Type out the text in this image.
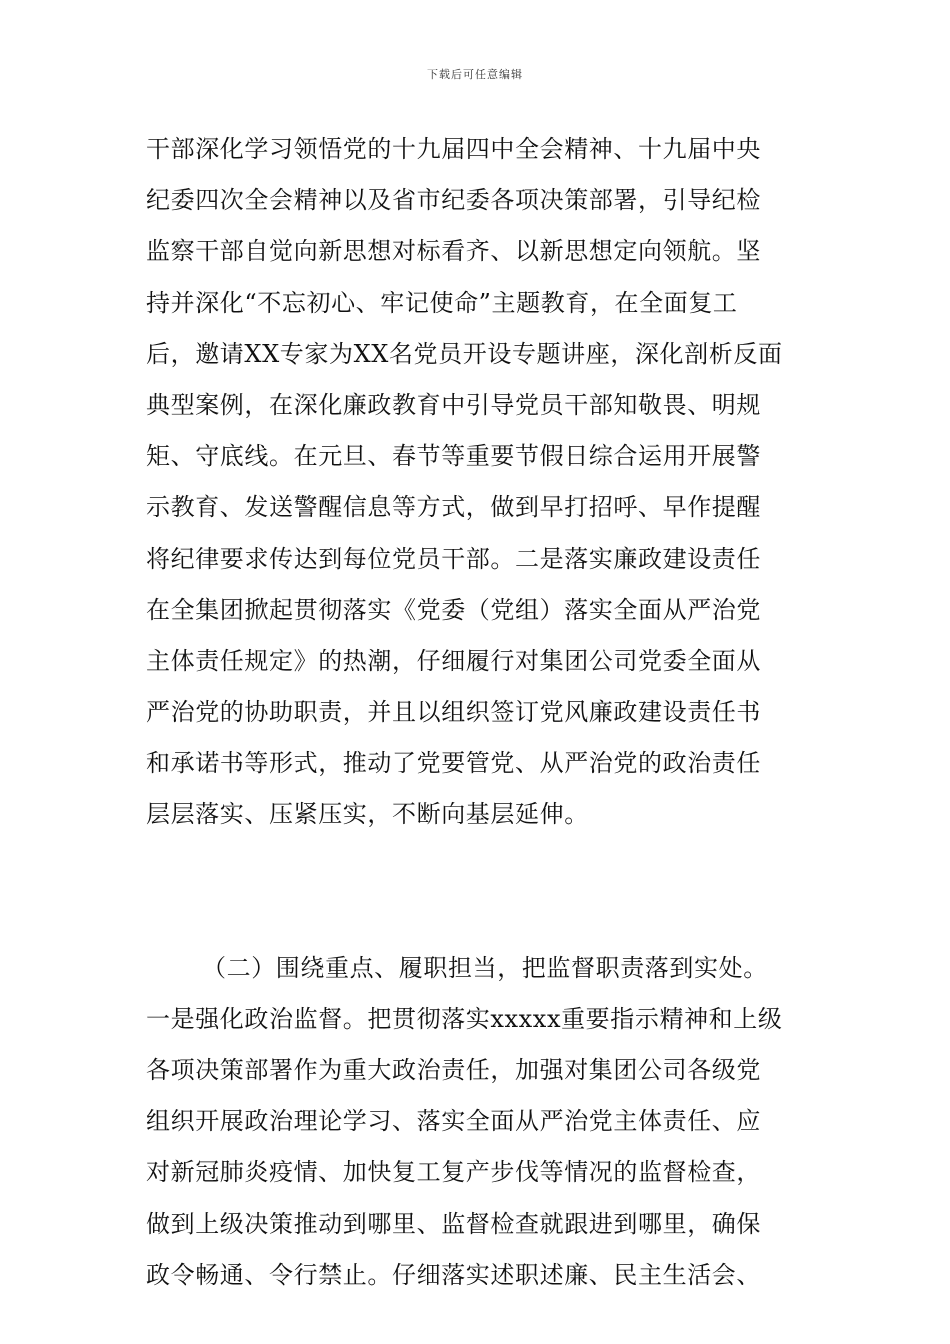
下载后可任意编辑
干部深化学习领悟党的十九届四中全会精神、十九届中央
纪委四次全会精神以及省市纪委各项决策部署，引导纪检
监察干部自觉向新思想对标看齐、以新思想定向领航。坚
持并深化“不忘初心、牢记使命”主题教育，在全面复工
后，邀请XX专家为XX名党员开设专题讲座，深化剖析反面
典型案例，在深化廉政教育中引导党员干部知敬畏、明规
矩、守底线。在元旦、春节等重要节假日综合运用开展警
示教育、发送警醒信息等方式，做到早打招呼、早作提醒
将纪律要求传达到每位党员干部。二是落实廉政建设责任
在全集团掀起贯彻落实《党委（党组）落实全面从严治党
主体责任规定》的热潮，仔细履行对集团公司党委全面从
严治党的协助职责，并且以组织签订党风廉政建设责任书
和承诺书等形式，推动了党要管党、从严治党的政治责任
层层落实、压紧压实，不断向基层延伸。
（二）围绕重点、履职担当，把监督职责落到实处。
一是强化政治监督。把贯彻落实xxxxx重要指示精神和上级
各项决策部署作为重大政治责任，加强对集团公司各级党
组织开展政治理论学习、落实全面从严治党主体责任、应
对新冠肺炎疫情、加快复工复产步伐等情况的监督检查，
做到上级决策推动到哪里、监督检查就跟进到哪里，确保
政令畅通、令行禁止。仔细落实述职述廉、民主生活会、
